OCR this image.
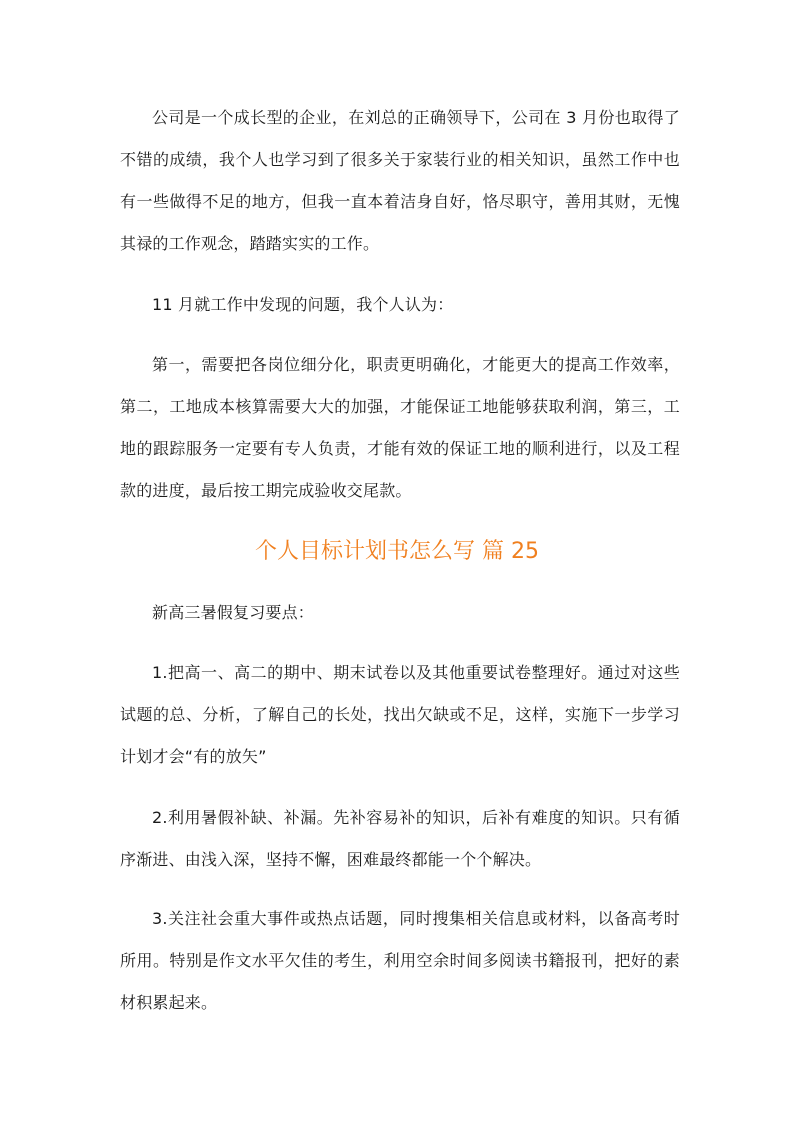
公司是一个成长型的企业，在刘总的正确领导下，公司在 3 月份也取得了不错的成绩，我个人也学习到了很多关于家装行业的相关知识，虽然工作中也有一些做得不足的地方，但我一直本着洁身自好，恪尽职守，善用其财，无愧其禄的工作观念，踏踏实实的工作。

11 月就工作中发现的问题，我个人认为：

第一，需要把各岗位细分化，职责更明确化，才能更大的提高工作效率，第二，工地成本核算需要大大的加强，才能保证工地能够获取利润，第三，工地的跟踪服务一定要有专人负责，才能有效的保证工地的顺利进行，以及工程款的进度，最后按工期完成验收交尾款。

个人目标计划书怎么写 篇 25

新高三暑假复习要点：

1.把高一、高二的期中、期末试卷以及其他重要试卷整理好。通过对这些试题的总、分析，了解自己的长处，找出欠缺或不足，这样，实施下一步学习计划才会“有的放矢”

2.利用暑假补缺、补漏。先补容易补的知识，后补有难度的知识。只有循序渐进、由浅入深，坚持不懈，困难最终都能一个个解决。

3.关注社会重大事件或热点话题，同时搜集相关信息或材料，以备高考时所用。特别是作文水平欠佳的考生，利用空余时间多阅读书籍报刊，把好的素材积累起来。
